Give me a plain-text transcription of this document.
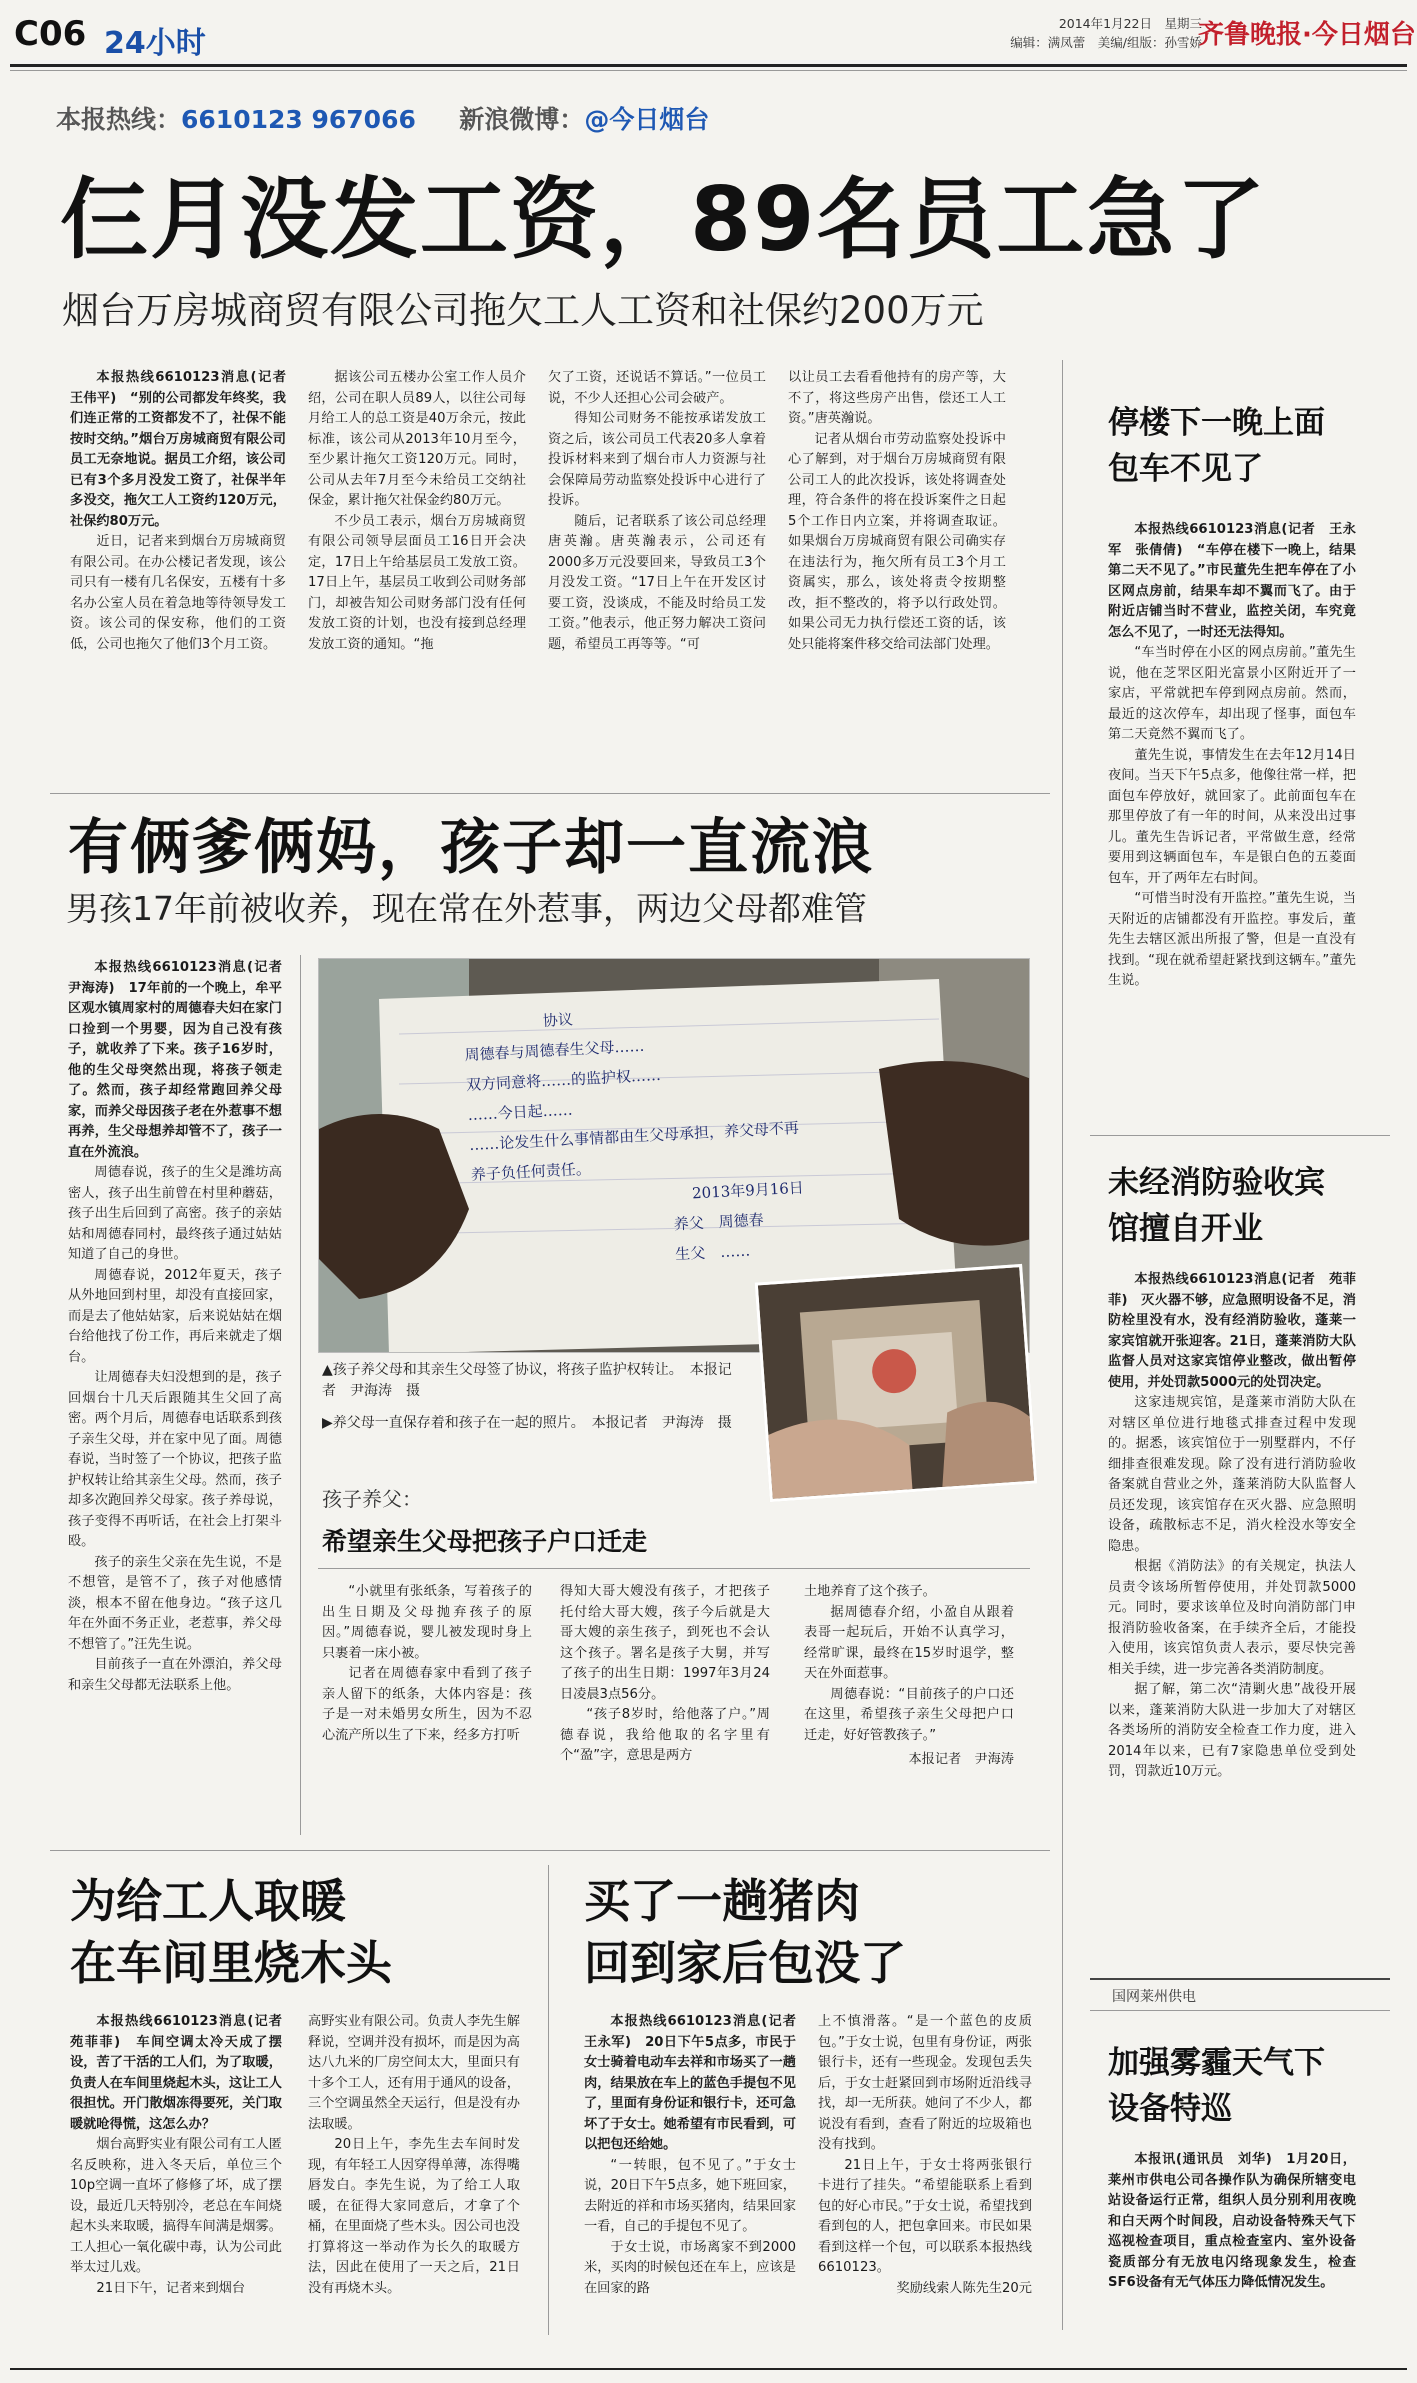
C06 24小时
2014年1月22日　星期三
编辑：满凤蕾　美编/组版：孙雪娇
齐鲁晚报·今日烟台
本报热线：6610123 967066 新浪微博：@今日烟台
仨月没发工资，89名员工急了
烟台万房城商贸有限公司拖欠工人工资和社保约200万元

本报热线6610123消息(记者　王伟平)　“别的公司都发年终奖，我们连正常的工资都发不了，社保不能按时交纳。”烟台万房城商贸有限公司员工无奈地说。据员工介绍，该公司已有3个多月没发工资了，社保半年多没交，拖欠工人工资约120万元，社保约80万元。

近日，记者来到烟台万房城商贸有限公司。在办公楼记者发现，该公司只有一楼有几名保安，五楼有十多名办公室人员在着急地等待领导发工资。该公司的保安称，他们的工资低，公司也拖欠了他们3个月工资。

据该公司五楼办公室工作人员介绍，公司在职人员89人，以往公司每月给工人的总工资是40万余元，按此标准，该公司从2013年10月至今，至少累计拖欠工资120万元。同时，公司从去年7月至今未给员工交纳社保金，累计拖欠社保金约80万元。

不少员工表示，烟台万房城商贸有限公司领导层面员工16日开会决定，17日上午给基层员工发放工资。17日上午，基层员工收到公司财务部门，却被告知公司财务部门没有任何发放工资的计划，也没有接到总经理发放工资的通知。“拖

欠了工资，还说话不算话。”一位员工说，不少人还担心公司会破产。

得知公司财务不能按承诺发放工资之后，该公司员工代表20多人拿着投诉材料来到了烟台市人力资源与社会保障局劳动监察处投诉中心进行了投诉。

随后，记者联系了该公司总经理唐英瀚。唐英瀚表示，公司还有2000多万元没要回来，导致员工3个月没发工资。“17日上午在开发区讨要工资，没谈成，不能及时给员工发工资。”他表示，他正努力解决工资问题，希望员工再等等。“可

以让员工去看看他持有的房产等，大不了，将这些房产出售，偿还工人工资。”唐英瀚说。

记者从烟台市劳动监察处投诉中心了解到，对于烟台万房城商贸有限公司工人的此次投诉，该处将调查处理，符合条件的将在投诉案件之日起5个工作日内立案，并将调查取证。如果烟台万房城商贸有限公司确实存在违法行为，拖欠所有员工3个月工资属实，那么，该处将责令按期整改，拒不整改的，将予以行政处罚。如果公司无力执行偿还工资的话，该处只能将案件移交给司法部门处理。

停楼下一晚上面包车不见了

本报热线6610123消息(记者　王永军　张倩倩)　“车停在楼下一晚上，结果第二天不见了。”市民董先生把车停在了小区网点房前，结果车却不翼而飞了。由于附近店铺当时不营业，监控关闭，车究竟怎么不见了，一时还无法得知。

“车当时停在小区的网点房前。”董先生说，他在芝罘区阳光富景小区附近开了一家店，平常就把车停到网点房前。然而，最近的这次停车，却出现了怪事，面包车第二天竟然不翼而飞了。

董先生说，事情发生在去年12月14日夜间。当天下午5点多，他像往常一样，把面包车停放好，就回家了。此前面包车在那里停放了有一年的时间，从来没出过事儿。董先生告诉记者，平常做生意，经常要用到这辆面包车，车是银白色的五菱面包车，开了两年左右时间。

“可惜当时没有开监控。”董先生说，当天附近的店铺都没有开监控。事发后，董先生去辖区派出所报了警，但是一直没有找到。“现在就希望赶紧找到这辆车。”董先生说。

未经消防验收宾馆擅自开业

本报热线6610123消息(记者　苑菲菲)　灭火器不够，应急照明设备不足，消防栓里没有水，没有经消防验收，蓬莱一家宾馆就开张迎客。21日，蓬莱消防大队监督人员对这家宾馆停业整改，做出暂停使用，并处罚款5000元的处罚决定。

这家违规宾馆，是蓬莱市消防大队在对辖区单位进行地毯式排查过程中发现的。据悉，该宾馆位于一别墅群内，不仔细排查很难发现。除了没有进行消防验收备案就自营业之外，蓬莱消防大队监督人员还发现，该宾馆存在灭火器、应急照明设备，疏散标志不足，消火栓没水等安全隐患。

根据《消防法》的有关规定，执法人员责令该场所暂停使用，并处罚款5000元。同时，要求该单位及时向消防部门申报消防验收备案，在手续齐全后，才能投入使用，该宾馆负责人表示，要尽快完善相关手续，进一步完善各类消防制度。

据了解，第二次“清剿火患”战役开展以来，蓬莱消防大队进一步加大了对辖区各类场所的消防安全检查工作力度，进入2014年以来，已有7家隐患单位受到处罚，罚款近10万元。

国网莱州供电
加强雾霾天气下设备特巡

本报讯(通讯员　刘华)　1月20日，莱州市供电公司各操作队为确保所辖变电站设备运行正常，组织人员分别利用夜晚和白天两个时间段，启动设备特殊天气下巡视检查项目，重点检查室内、室外设备瓷质部分有无放电闪络现象发生，检查SF6设备有无气体压力降低情况发生。

有俩爹俩妈，孩子却一直流浪
男孩17年前被收养，现在常在外惹事，两边父母都难管

本报热线6610123消息(记者　尹海涛)　17年前的一个晚上，牟平区观水镇周家村的周德春夫妇在家门口捡到一个男婴，因为自己没有孩子，就收养了下来。孩子16岁时，他的生父母突然出现，将孩子领走了。然而，孩子却经常跑回养父母家，而养父母因孩子老在外惹事不想再养，生父母想养却管不了，孩子一直在外流浪。

周德春说，孩子的生父是潍坊高密人，孩子出生前曾在村里种蘑菇，孩子出生后回到了高密。孩子的亲姑姑和周德春同村，最终孩子通过姑姑知道了自己的身世。

周德春说，2012年夏天，孩子从外地回到村里，却没有直接回家，而是去了他姑姑家，后来说姑姑在烟台给他找了份工作，再后来就走了烟台。

让周德春夫妇没想到的是，孩子回烟台十几天后跟随其生父回了高密。两个月后，周德春电话联系到孩子亲生父母，并在家中见了面。周德春说，当时签了一个协议，把孩子监护权转让给其亲生父母。然而，孩子却多次跑回养父母家。孩子养母说，孩子变得不再听话，在社会上打架斗殴。

孩子的亲生父亲在先生说，不是不想管，是管不了，孩子对他感情淡，根本不留在他身边。“孩子这几年在外面不务正业，老惹事，养父母不想管了。”汪先生说。

目前孩子一直在外漂泊，养父母和亲生父母都无法联系上他。

协议
周德春与周德春生父母……
双方同意将……的监护权……
……今日起……
……论发生什么事情都由生父母承担，养父母不再
养子负任何责任。
2013年9月16日
养父　周德春
生父　……
▲孩子养父母和其亲生父母签了协议，将孩子监护权转让。　本报记者　尹海涛　摄
▶养父母一直保存着和孩子在一起的照片。　本报记者　尹海涛　摄
孩子养父：
希望亲生父母把孩子户口迁走

“小就里有张纸条，写着孩子的出生日期及父母抛弃孩子的原因。”周德春说，婴儿被发现时身上只裹着一床小被。

记者在周德春家中看到了孩子亲人留下的纸条，大体内容是：孩子是一对未婚男女所生，因为不忍心流产所以生了下来，经多方打听

得知大哥大嫂没有孩子，才把孩子托付给大哥大嫂，孩子今后就是大哥大嫂的亲生孩子，到死也不会认这个孩子。署名是孩子大舅，并写了孩子的出生日期：1997年3月24日凌晨3点56分。

“孩子8岁时，给他落了户。”周德春说，我给他取的名字里有个“盈”字，意思是两方

土地养育了这个孩子。

据周德春介绍，小盈自从跟着表哥一起玩后，开始不认真学习，经常旷课，最终在15岁时退学，整天在外面惹事。

周德春说：“目前孩子的户口还在这里，希望孩子亲生父母把户口迁走，好好管教孩子。”

本报记者　尹海涛

为给工人取暖
在车间里烧木头

本报热线6610123消息(记者　苑菲菲)　车间空调太冷天成了摆设，苦了干活的工人们，为了取暖，负责人在车间里烧起木头，这让工人很担忧。开门散烟冻得要死，关门取暖就呛得慌，这怎么办？

烟台高野实业有限公司有工人匿名反映称，进入冬天后，单位三个10p空调一直坏了修修了坏，成了摆设，最近几天特别冷，老总在车间烧起木头来取暖，搞得车间满是烟雾。工人担心一氧化碳中毒，认为公司此举太过儿戏。

21日下午，记者来到烟台

高野实业有限公司。负责人李先生解释说，空调并没有损坏，而是因为高达八九米的厂房空间太大，里面只有十多个工人，还有用于通风的设备，三个空调虽然全天运行，但是没有办法取暖。

20日上午，李先生去车间时发现，有年轻工人因穿得单薄，冻得嘴唇发白。李先生说，为了给工人取暖，在征得大家同意后，才拿了个桶，在里面烧了些木头。因公司也没打算将这一举动作为长久的取暖方法，因此在使用了一天之后，21日没有再烧木头。

买了一趟猪肉
回到家后包没了

本报热线6610123消息(记者　王永军)　20日下午5点多，市民于女士骑着电动车去祥和市场买了一趟肉，结果放在车上的蓝色手提包不见了，里面有身份证和银行卡，还可急坏了于女士。她希望有市民看到，可以把包还给她。

“一转眼，包不见了。”于女士说，20日下午5点多，她下班回家，去附近的祥和市场买猪肉，结果回家一看，自己的手提包不见了。

于女士说，市场离家不到2000米，买肉的时候包还在车上，应该是在回家的路

上不慎滑落。“是一个蓝色的皮质包。”于女士说，包里有身份证，两张银行卡，还有一些现金。发现包丢失后，于女士赶紧回到市场附近沿线寻找，却一无所获。她问了不少人，都说没有看到，查看了附近的垃圾箱也没有找到。

21日上午，于女士将两张银行卡进行了挂失。“希望能联系上看到包的好心市民。”于女士说，希望找到看到包的人，把包拿回来。市民如果看到这样一个包，可以联系本报热线6610123。

奖励线索人陈先生20元
